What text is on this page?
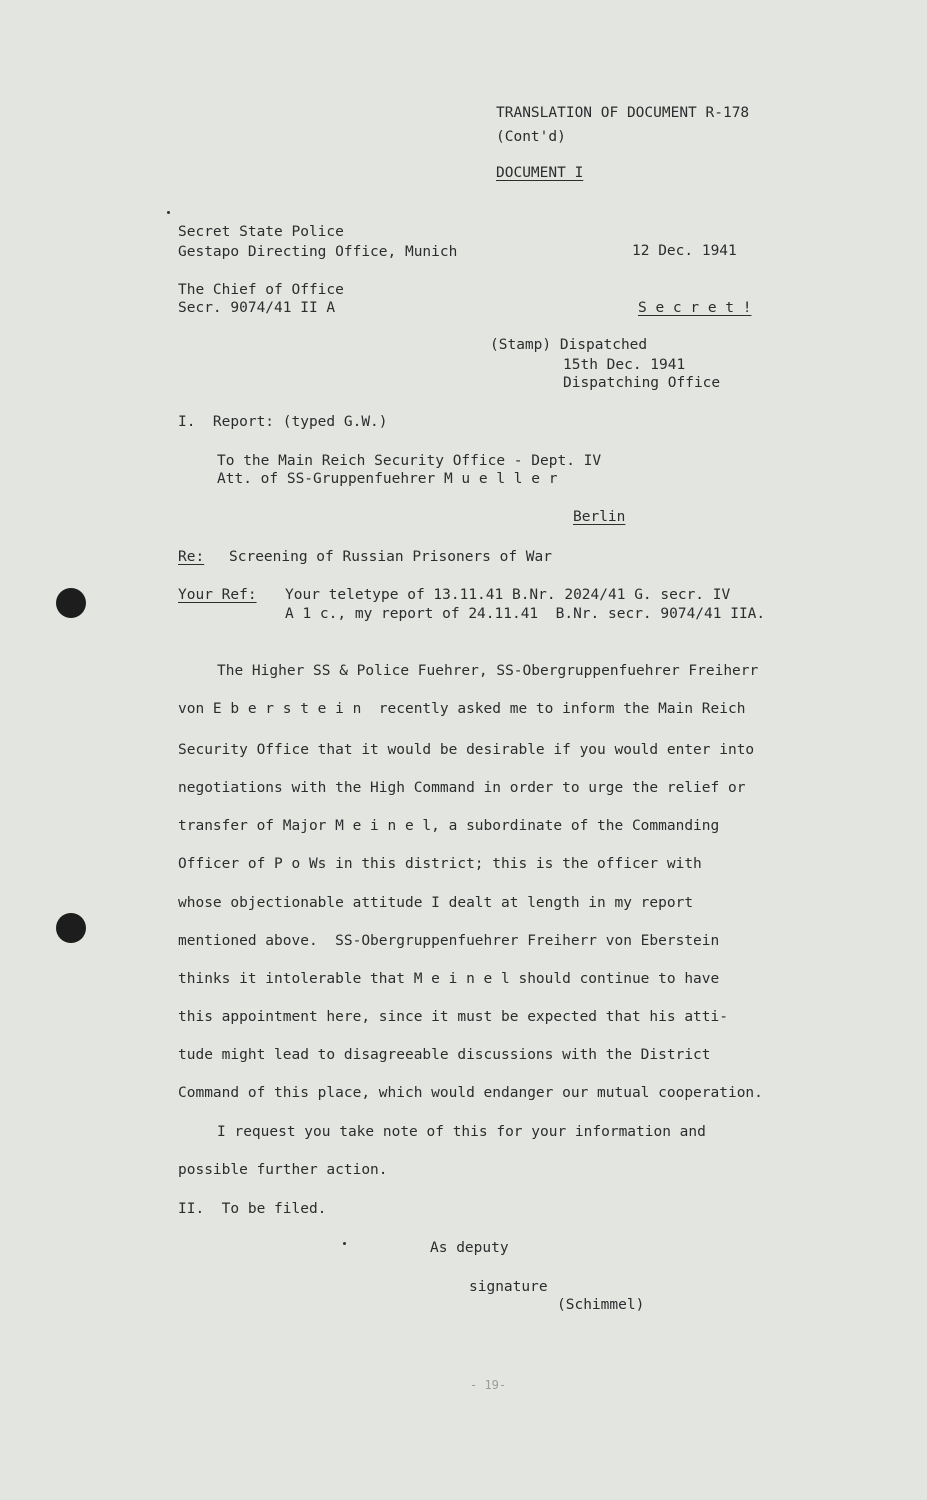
TRANSLATION OF DOCUMENT R-178
(Cont'd)
DOCUMENT I
Secret State Police
Gestapo Directing Office, Munich	12 Dec. 1941
The Chief of Office
Secr. 9074/41 II A	S e c r e t !
(Stamp) Dispatched
15th Dec. 1941
Dispatching Office
I.  Report: (typed G.W.)
To the Main Reich Security Office - Dept. IV
Att. of SS-Gruppenfuehrer M u e l l e r
Berlin
Re: Screening of Russian Prisoners of War
Your Ref: Your teletype of 13.11.41 B.Nr. 2024/41 G. secr. IV
A 1 c., my report of 24.11.41  B.Nr. secr. 9074/41 IIA.
The Higher SS & Police Fuehrer, SS-Obergruppenfuehrer Freiherr
von E b e r s t e i n  recently asked me to inform the Main Reich
Security Office that it would be desirable if you would enter into
negotiations with the High Command in order to urge the relief or
transfer of Major M e i n e l, a subordinate of the Commanding
Officer of P o Ws in this district; this is the officer with
whose objectionable attitude I dealt at length in my report
mentioned above.  SS-Obergruppenfuehrer Freiherr von Eberstein
thinks it intolerable that M e i n e l should continue to have
this appointment here, since it must be expected that his atti-
tude might lead to disagreeable discussions with the District
Command of this place, which would endanger our mutual cooperation.
I request you take note of this for your information and
possible further action.
II.  To be filed.
As deputy
signature
(Schimmel)
- 19-
